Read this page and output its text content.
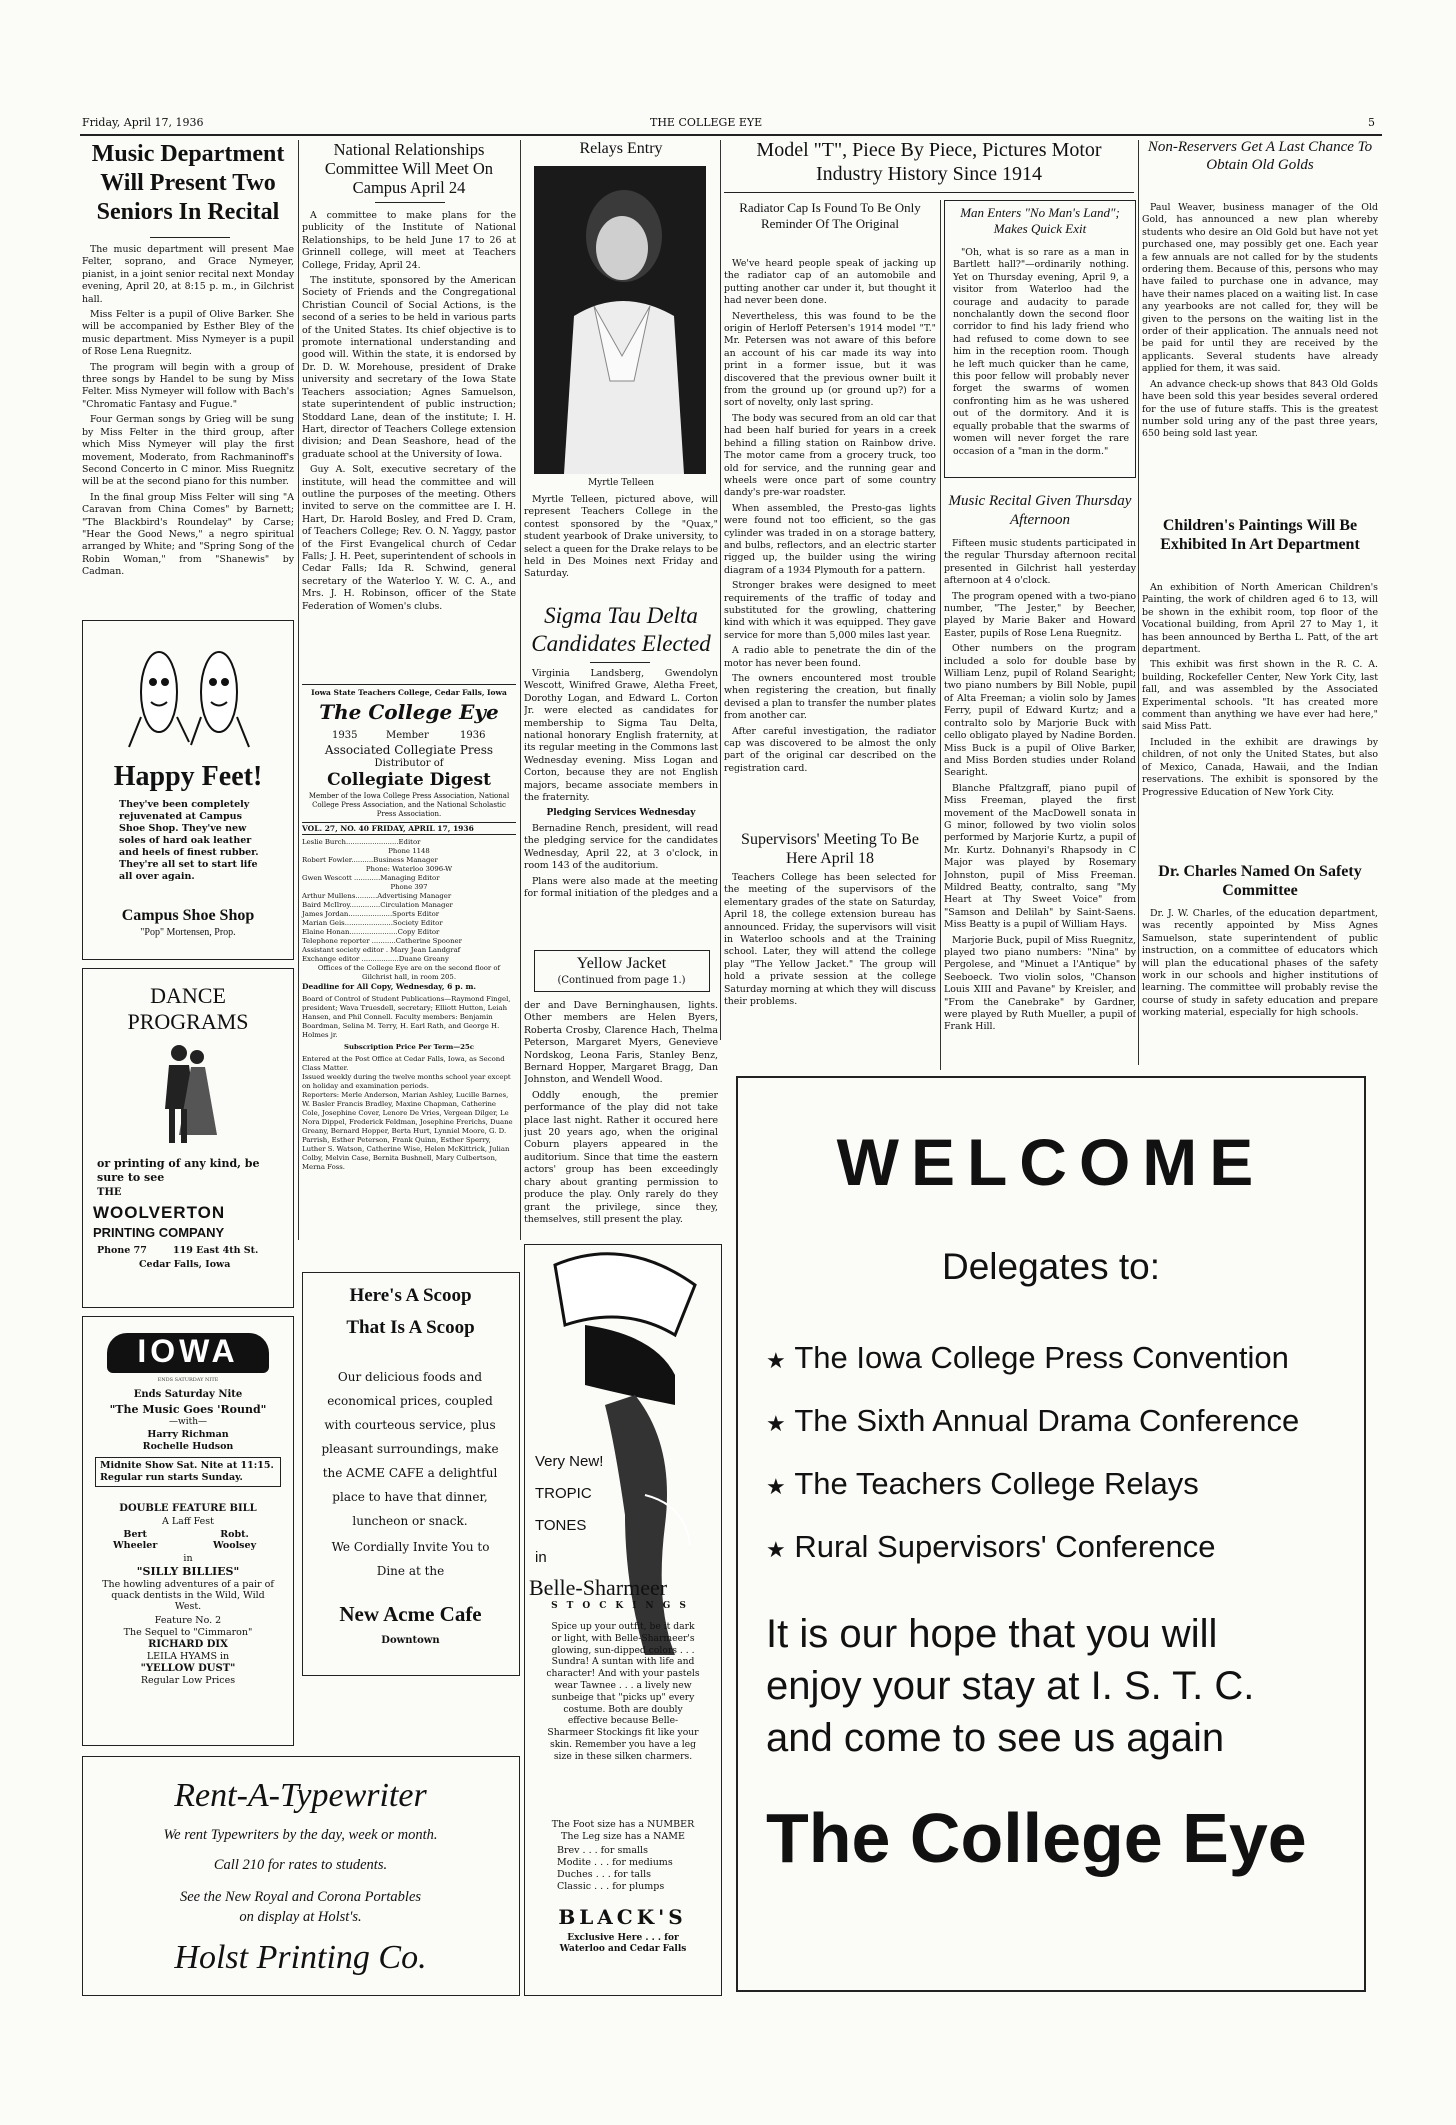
Friday, April 17, 1936	THE COLLEGE EYE	5
Music Department Will Present Two Seniors In Recital

The music department will present Mae Felter, soprano, and Grace Nymeyer, pianist, in a joint senior recital next Monday evening, April 20, at 8:15 p. m., in Gilchrist hall.

Miss Felter is a pupil of Olive Barker. She will be accompanied by Esther Bley of the music department. Miss Nymeyer is a pupil of Rose Lena Ruegnitz.

The program will begin with a group of three songs by Handel to be sung by Miss Felter. Miss Nymeyer will follow with Bach's "Chromatic Fantasy and Fugue."

Four German songs by Grieg will be sung by Miss Felter in the third group, after which Miss Nymeyer will play the first movement, Moderato, from Rachmaninoff's Second Concerto in C minor. Miss Ruegnitz will be at the second piano for this number.

In the final group Miss Felter will sing "A Caravan from China Comes" by Barnett; "The Blackbird's Roundelay" by Carse; "Hear the Good News," a negro spiritual arranged by White; and "Spring Song of the Robin Woman," from "Shanewis" by Cadman.

Happy Feet!
They've been completely rejuvenated at Campus Shoe Shop. They've new soles of hard oak leather and heels of finest rubber. They're all set to start life all over again.
Campus Shoe Shop
"Pop" Mortensen, Prop.
DANCE PROGRAMS
or printing of any kind, be sure to see
THE
WOOLVERTON
PRINTING COMPANY
Phone 77	119 East 4th St.
Cedar Falls, Iowa
IOWA
ENDS SATURDAY NITE
Ends Saturday Nite
"The Music Goes 'Round"
—with—
Harry Richman
Rochelle Hudson
Midnite Show Sat. Nite at 11:15. Regular run starts Sunday.
DOUBLE FEATURE BILL
A Laff Fest
Bert
Wheeler
Robt.
Woolsey
in
"SILLY BILLIES"
The howling adventures of a pair of quack dentists in the Wild, Wild West.
Feature No. 2
The Sequel to "Cimmaron"
RICHARD DIX
LEILA HYAMS in
"YELLOW DUST"
Regular Low Prices
Rent-A-Typewriter
We rent Typewriters by the day, week or month.
Call 210 for rates to students.
See the New Royal and Corona Portables
on display at Holst's.
Holst Printing Co.
National Relationships Committee Will Meet On Campus April 24

A committee to make plans for the publicity of the Institute of National Relationships, to be held June 17 to 26 at Grinnell college, will meet at Teachers College, Friday, April 24.

The institute, sponsored by the American Society of Friends and the Congregational Christian Council of Social Actions, is the second of a series to be held in various parts of the United States. Its chief objective is to promote international understanding and good will. Within the state, it is endorsed by Dr. D. W. Morehouse, president of Drake university and secretary of the Iowa State Teachers association; Agnes Samuelson, state superintendent of public instruction; Stoddard Lane, dean of the institute; I. H. Hart, director of Teachers College extension division; and Dean Seashore, head of the graduate school at the University of Iowa.

Guy A. Solt, executive secretary of the institute, will head the committee and will outline the purposes of the meeting. Others invited to serve on the committee are I. H. Hart, Dr. Harold Bosley, and Fred D. Cram, of Teachers College; Rev. O. N. Yaggy, pastor of the First Evangelical church of Cedar Falls; J. H. Peet, superintendent of schools in Cedar Falls; Ida R. Schwind, general secretary of the Waterloo Y. W. C. A., and Mrs. J. H. Robinson, officer of the State Federation of Women's clubs.

Iowa State Teachers College, Cedar Falls, Iowa
The College Eye
1935	Member	1936
Associated Collegiate Press
Distributor of
Collegiate Digest
Member of the Iowa College Press Association, National College Press Association, and the National Scholastic Press Association.
VOL. 27, NO. 40 FRIDAY, APRIL 17, 1936
Leslie Burch........................Editor
Phone 1148
Robert Fowler..........Business Manager
Phone: Waterloo 3096-W
Gwen Wescott ............Managing Editor
Phone 397
Arthur Mullens..........Advertising Manager
Baird McIlroy..............Circulation Manager
James Jordan....................Sports Editor
Marian Geis......................Society Editor
Elaine Honan......................Copy Editor
Telephone reporter ...........Catherine Spooner
Assistant society editor . Mary Jean Landgraf
Exchange editor .................Duane Greany
Offices of the College Eye are on the second floor of Gilchrist hall, in room 205.
Deadline for All Copy, Wednesday, 6 p. m.
Board of Control of Student Publications—Raymond Fingel, president; Wava Truesdell, secretary; Elliott Hutton, Leiah Hansen, and Phil Connell. Faculty members: Benjamin Boardman, Selina M. Terry, H. Earl Rath, and George H. Holmes jr.
Subscription Price Per Term—25c
Entered at the Post Office at Cedar Falls, Iowa, as Second Class Matter.
Issued weekly during the twelve months school year except on holiday and examination periods.
Reporters: Merle Anderson, Marian Ashley, Lucille Barnes, W. Basler Francis Bradley, Maxine Chapman, Catherine Cole, Josephine Cover, Lenore De Vries, Vergean Dilger, Le Nora Dippel, Frederick Feldman, Josephine Frerichs, Duane Greany, Bernard Hopper, Berta Hurt, Lynniel Moore, G. D. Parrish, Esther Peterson, Frank Quinn, Esther Sperry, Luther S. Watson, Catherine Wise, Helen McKittrick, Julian Colby, Melvin Case, Bernita Bushnell, Mary Culbertson, Merna Foss.
Here's A Scoop
That Is A Scoop
Our delicious foods and economical prices, coupled with courteous service, plus pleasant surroundings, make the ACME CAFE a delightful place to have that dinner, luncheon or snack.
We Cordially Invite You to Dine at the
New Acme Cafe
Downtown
Relays Entry
Myrtle Telleen

Myrtle Telleen, pictured above, will represent Teachers College in the contest sponsored by the "Quax," student yearbook of Drake university, to select a queen for the Drake relays to be held in Des Moines next Friday and Saturday.

Sigma Tau Delta Candidates Elected

Virginia Landsberg, Gwendolyn Wescott, Winifred Grawe, Aletha Freet, Dorothy Logan, and Edward L. Corton Jr. were elected as candidates for membership to Sigma Tau Delta, national honorary English fraternity, at its regular meeting in the Commons last Wednesday evening. Miss Logan and Corton, because they are not English majors, became associate members in the fraternity.

Pledging Services Wednesday

Bernadine Rench, president, will read the pledging service for the candidates Wednesday, April 22, at 3 o'clock, in room 143 of the auditorium.

Plans were also made at the meeting for formal initiation of the pledges and a

Yellow Jacket
(Continued from page 1.)

der and Dave Berninghausen, lights. Other members are Helen Byers, Roberta Crosby, Clarence Hach, Thelma Peterson, Margaret Myers, Genevieve Nordskog, Leona Faris, Stanley Benz, Bernard Hopper, Margaret Bragg, Dan Johnston, and Wendell Wood.

Oddly enough, the premier performance of the play did not take place last night. Rather it occured here just 20 years ago, when the original Coburn players appeared in the auditorium. Since that time the eastern actors' group has been exceedingly chary about granting permission to produce the play. Only rarely do they grant the privilege, since they, themselves, still present the play.

Very New!
TROPIC
TONES
in
Belle-Sharmeer
STOCKINGS
Spice up your outfit, be it dark or light, with Belle-Sharmeer's glowing, sun-dipped colors . . . Sundra! A suntan with life and character! And with your pastels wear Tawnee . . . a lively new sunbeige that "picks up" every costume. Both are doubly effective because Belle-Sharmeer Stockings fit like your skin. Remember you have a leg size in these silken charmers.
The Foot size has a NUMBER The Leg size has a NAME
Brev . . . for smalls
Modite . . . for mediums
Duches . . . for talls
Classic . . . for plumps
BLACK'S
Exclusive Here . . . for Waterloo and Cedar Falls
Model "T", Piece By Piece, Pictures Motor Industry History Since 1914
Radiator Cap Is Found To Be Only Reminder Of The Original

We've heard people speak of jacking up the radiator cap of an automobile and putting another car under it, but thought it had never been done.

Nevertheless, this was found to be the origin of Herloff Petersen's 1914 model "T." Mr. Petersen was not aware of this before an account of his car made its way into print in a former issue, but it was discovered that the previous owner built it from the ground up (or ground up?) for a sort of novelty, only last spring.

The body was secured from an old car that had been half buried for years in a creek behind a filling station on Rainbow drive. The motor came from a grocery truck, too old for service, and the running gear and wheels were once part of some country dandy's pre-war roadster.

When assembled, the Presto-gas lights were found not too efficient, so the gas cylinder was traded in on a storage battery, and bulbs, reflectors, and an electric starter rigged up, the builder using the wiring diagram of a 1934 Plymouth for a pattern.

Stronger brakes were designed to meet requirements of the traffic of today and substituted for the growling, chattering kind with which it was equipped. They gave service for more than 5,000 miles last year.

A radio able to penetrate the din of the motor has never been found.

The owners encountered most trouble when registering the creation, but finally devised a plan to transfer the number plates from another car.

After careful investigation, the radiator cap was discovered to be almost the only part of the original car described on the registration card.

Supervisors' Meeting To Be Here April 18

Teachers College has been selected for the meeting of the supervisors of the elementary grades of the state on Saturday, April 18, the college extension bureau has announced. Friday, the supervisors will visit in Waterloo schools and at the Training school. Later, they will attend the college play "The Yellow Jacket." The group will hold a private session at the college Saturday morning at which they will discuss their problems.

Man Enters "No Man's Land"; Makes Quick Exit
"Oh, what is so rare as a man in Bartlett hall?"—ordinarily nothing. Yet on Thursday evening, April 9, a visitor from Waterloo had the courage and audacity to parade nonchalantly down the second floor corridor to find his lady friend who had refused to come down to see him in the reception room. Though he left much quicker than he came, this poor fellow will probably never forget the swarms of women confronting him as he was ushered out of the dormitory. And it is equally probable that the swarms of women will never forget the rare occasion of a "man in the dorm."
Music Recital Given Thursday Afternoon

Fifteen music students participated in the regular Thursday afternoon recital presented in Gilchrist hall yesterday afternoon at 4 o'clock.

The program opened with a two-piano number, "The Jester," by Beecher, played by Marie Baker and Howard Easter, pupils of Rose Lena Ruegnitz.

Other numbers on the program included a solo for double base by William Lenz, pupil of Roland Searight; two piano numbers by Bill Noble, pupil of Alta Freeman; a violin solo by James Ferry, pupil of Edward Kurtz; and a contralto solo by Marjorie Buck with cello obligato played by Nadine Borden. Miss Buck is a pupil of Olive Barker, and Miss Borden studies under Roland Searight.

Blanche Pfaltzgraff, piano pupil of Miss Freeman, played the first movement of the MacDowell sonata in G minor, followed by two violin solos performed by Marjorie Kurtz, a pupil of Mr. Kurtz. Dohnanyi's Rhapsody in C Major was played by Rosemary Johnston, pupil of Miss Freeman. Mildred Beatty, contralto, sang "My Heart at Thy Sweet Voice" from "Samson and Delilah" by Saint-Saens. Miss Beatty is a pupil of William Hays.

Marjorie Buck, pupil of Miss Ruegnitz, played two piano numbers: "Nina" by Pergolese, and "Minuet a l'Antique" by Seeboeck. Two violin solos, "Chanson Louis XIII and Pavane" by Kreisler, and "From the Canebrake" by Gardner, were played by Ruth Mueller, a pupil of Frank Hill.

Non-Reservers Get A Last Chance To Obtain Old Golds

Paul Weaver, business manager of the Old Gold, has announced a new plan whereby students who desire an Old Gold but have not yet purchased one, may possibly get one. Each year a few annuals are not called for by the students ordering them. Because of this, persons who may have failed to purchase one in advance, may have their names placed on a waiting list. In case any yearbooks are not called for, they will be given to the persons on the waiting list in the order of their application. The annuals need not be paid for until they are received by the applicants. Several students have already applied for them, it was said.

An advance check-up shows that 843 Old Golds have been sold this year besides several ordered for the use of future staffs. This is the greatest number sold uring any of the past three years, 650 being sold last year.

Children's Paintings Will Be Exhibited In Art Department

An exhibition of North American Children's Painting, the work of children aged 6 to 13, will be shown in the exhibit room, top floor of the Vocational building, from April 27 to May 1, it has been announced by Bertha L. Patt, of the art department.

This exhibit was first shown in the R. C. A. building, Rockefeller Center, New York City, last fall, and was assembled by the Associated Experimental schools. "It has created more comment than anything we have ever had here," said Miss Patt.

Included in the exhibit are drawings by children, of not only the United States, but also of Mexico, Canada, Hawaii, and the Indian reservations. The exhibit is sponsored by the Progressive Education of New York City.

Dr. Charles Named On Safety Committee

Dr. J. W. Charles, of the education department, was recently appointed by Miss Agnes Samuelson, state superintendent of public instruction, on a committee of educators which will plan the educational phases of the safety work in our schools and higher institutions of learning. The committee will probably revise the course of study in safety education and prepare working material, especially for high schools.

WELCOME
Delegates to:
★ The Iowa College Press Convention
★ The Sixth Annual Drama Conference
★ The Teachers College Relays
★ Rural Supervisors' Conference
It is our hope that you will
enjoy your stay at I. S. T. C.
and come to see us again
The College Eye
